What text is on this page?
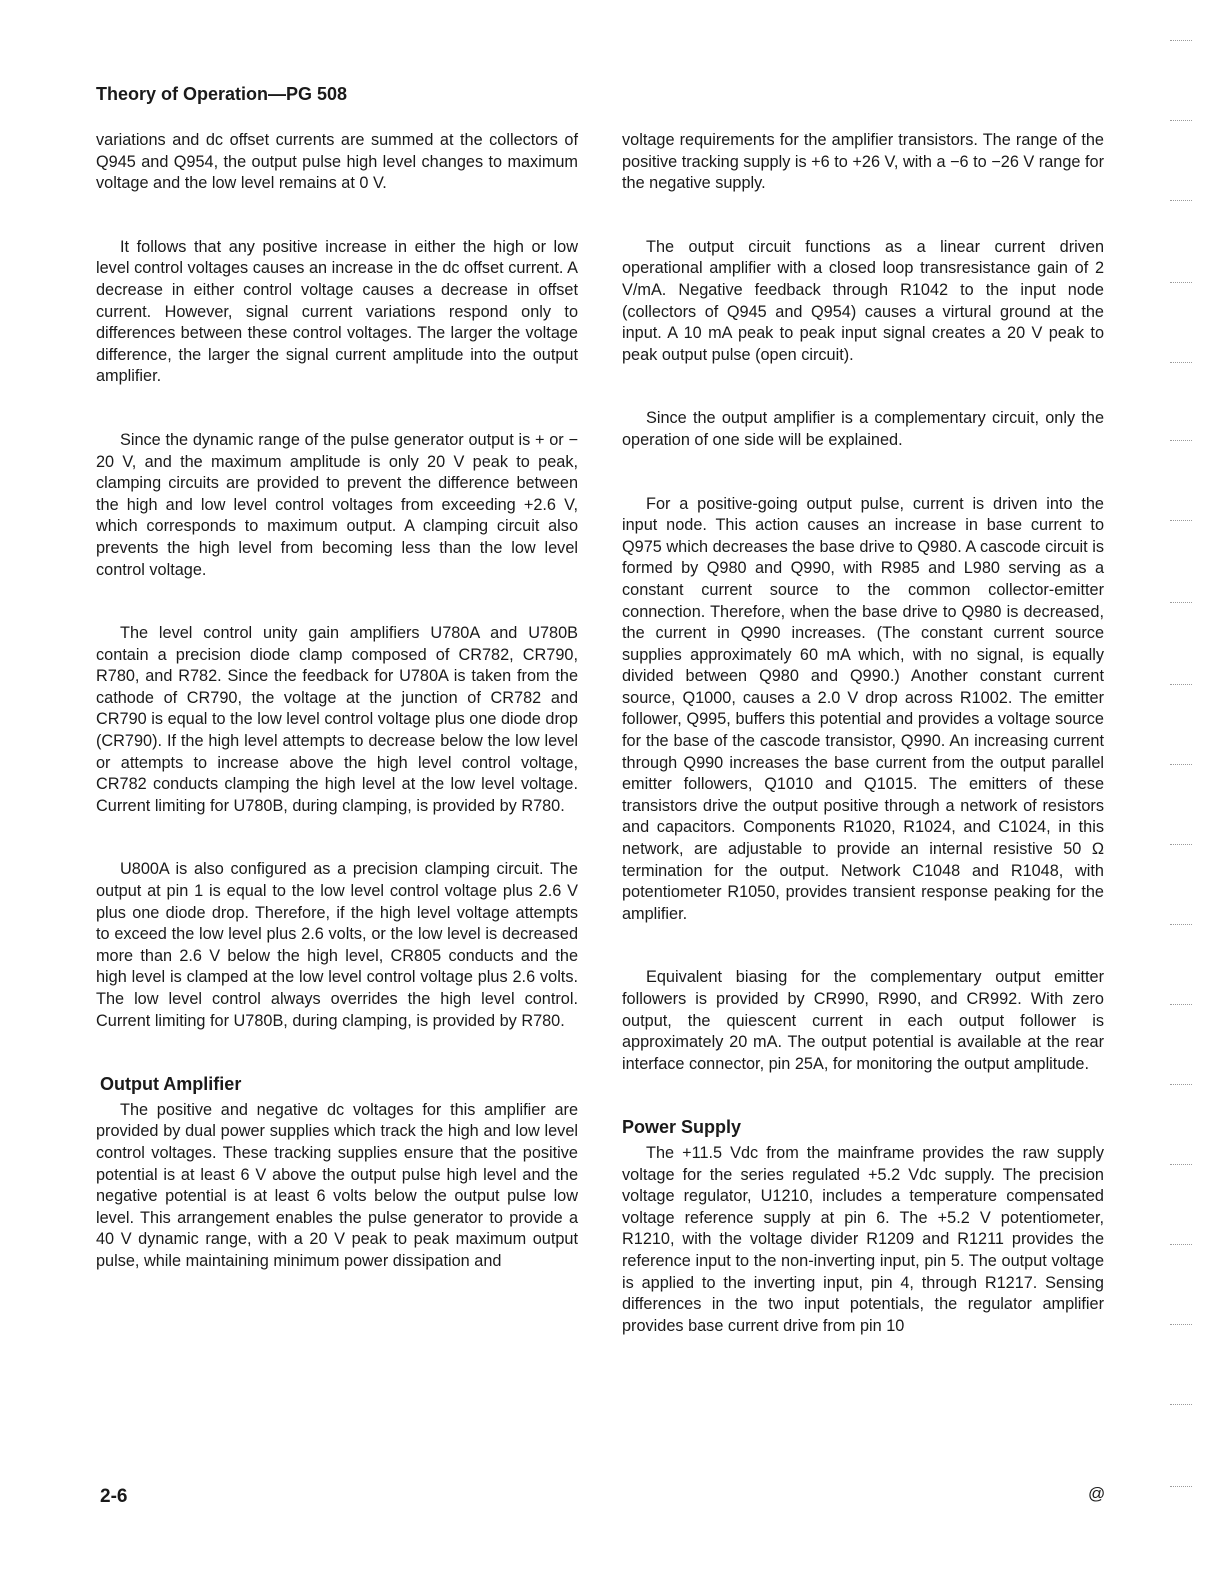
Theory of Operation—PG 508

variations and dc offset currents are summed at the collectors of Q945 and Q954, the output pulse high level changes to maximum voltage and the low level remains at 0 V.

It follows that any positive increase in either the high or low level control voltages causes an increase in the dc offset current. A decrease in either control voltage causes a decrease in offset current. However, signal current variations respond only to differences between these control voltages. The larger the voltage difference, the larger the signal current amplitude into the output amplifier.

Since the dynamic range of the pulse generator output is + or − 20 V, and the maximum amplitude is only 20 V peak to peak, clamping circuits are provided to prevent the difference between the high and low level control voltages from exceeding +2.6 V, which corresponds to maximum output. A clamping circuit also prevents the high level from becoming less than the low level control voltage.

The level control unity gain amplifiers U780A and U780B contain a precision diode clamp composed of CR782, CR790, R780, and R782. Since the feedback for U780A is taken from the cathode of CR790, the voltage at the junction of CR782 and CR790 is equal to the low level control voltage plus one diode drop (CR790). If the high level attempts to decrease below the low level or attempts to increase above the high level control voltage, CR782 conducts clamping the high level at the low level voltage. Current limiting for U780B, during clamping, is provided by R780.

U800A is also configured as a precision clamping circuit. The output at pin 1 is equal to the low level control voltage plus 2.6 V plus one diode drop. Therefore, if the high level voltage attempts to exceed the low level plus 2.6 volts, or the low level is decreased more than 2.6 V below the high level, CR805 conducts and the high level is clamped at the low level control voltage plus 2.6 volts. The low level control always overrides the high level control. Current limiting for U780B, during clamping, is provided by R780.

Output Amplifier

The positive and negative dc voltages for this amplifier are provided by dual power supplies which track the high and low level control voltages. These tracking supplies ensure that the positive potential is at least 6 V above the output pulse high level and the negative potential is at least 6 volts below the output pulse low level. This arrangement enables the pulse generator to provide a 40 V dynamic range, with a 20 V peak to peak maximum output pulse, while maintaining minimum power dissipation and

voltage requirements for the amplifier transistors. The range of the positive tracking supply is +6 to +26 V, with a −6 to −26 V range for the negative supply.

The output circuit functions as a linear current driven operational amplifier with a closed loop transresistance gain of 2 V/mA. Negative feedback through R1042 to the input node (collectors of Q945 and Q954) causes a virtural ground at the input. A 10 mA peak to peak input signal creates a 20 V peak to peak output pulse (open circuit).

Since the output amplifier is a complementary circuit, only the operation of one side will be explained.

For a positive-going output pulse, current is driven into the input node. This action causes an increase in base current to Q975 which decreases the base drive to Q980. A cascode circuit is formed by Q980 and Q990, with R985 and L980 serving as a constant current source to the common collector-emitter connection. Therefore, when the base drive to Q980 is decreased, the current in Q990 increases. (The constant current source supplies approximately 60 mA which, with no signal, is equally divided between Q980 and Q990.) Another constant current source, Q1000, causes a 2.0 V drop across R1002. The emitter follower, Q995, buffers this potential and provides a voltage source for the base of the cascode transistor, Q990. An increasing current through Q990 increases the base current from the output parallel emitter followers, Q1010 and Q1015. The emitters of these transistors drive the output positive through a network of resistors and capacitors. Components R1020, R1024, and C1024, in this network, are adjustable to provide an internal resistive 50 Ω termination for the output. Network C1048 and R1048, with potentiometer R1050, provides transient response peaking for the amplifier.

Equivalent biasing for the complementary output emitter followers is provided by CR990, R990, and CR992. With zero output, the quiescent current in each output follower is approximately 20 mA. The output potential is available at the rear interface connector, pin 25A, for monitoring the output amplitude.

Power Supply

The +11.5 Vdc from the mainframe provides the raw supply voltage for the series regulated +5.2 Vdc supply. The precision voltage regulator, U1210, includes a temperature compensated voltage reference supply at pin 6. The +5.2 V potentiometer, R1210, with the voltage divider R1209 and R1211 provides the reference input to the non-inverting input, pin 5. The output voltage is applied to the inverting input, pin 4, through R1217. Sensing differences in the two input potentials, the regulator amplifier provides base current drive from pin 10

2-6	@
